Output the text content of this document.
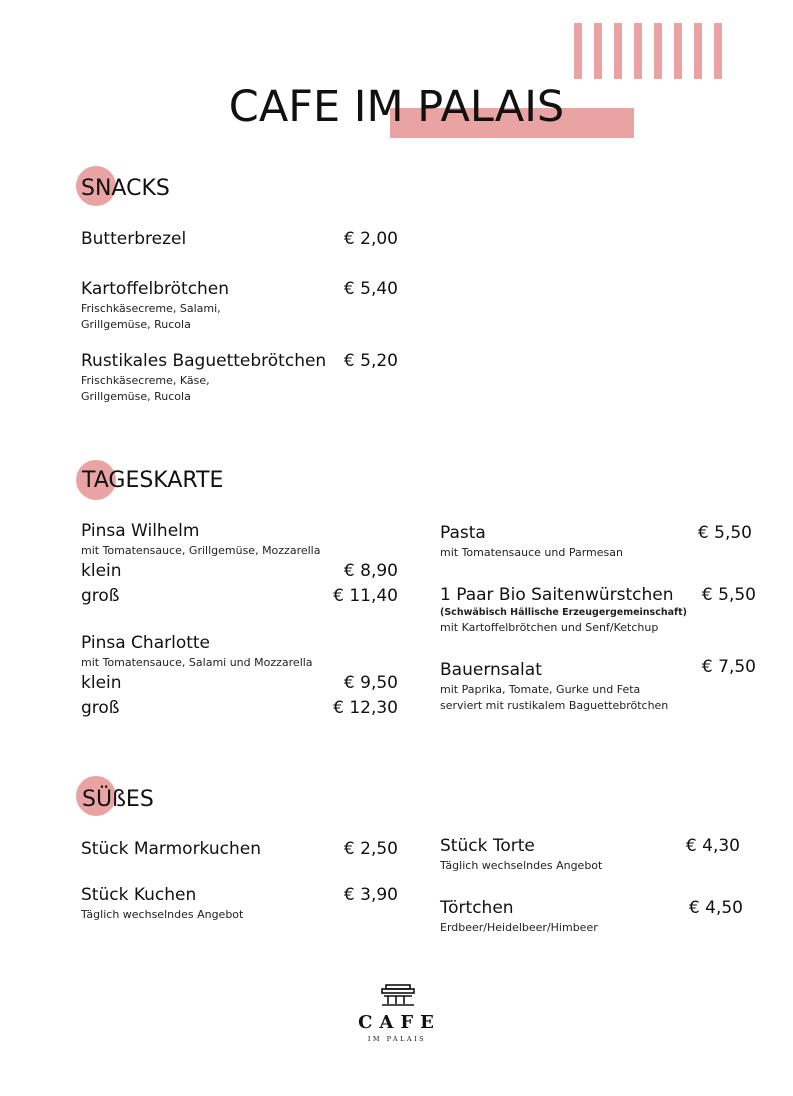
CAFE IM PALAIS
SNACKS
Butterbrezel	€ 2,00
Kartoffelbrötchen	€ 5,40
Frischkäsecreme, Salami,
Grillgemüse, Rucola
Rustikales Baguettebrötchen	€ 5,20
Frischkäsecreme, Käse,
Grillgemüse, Rucola
TAGESKARTE
Pinsa Wilhelm
mit Tomatensauce, Grillgemüse, Mozzarella
klein	€ 8,90
groß	€ 11,40
Pinsa Charlotte
mit Tomatensauce, Salami und Mozzarella
klein	€ 9,50
groß	€ 12,30
Pasta	€ 5,50
mit Tomatensauce und Parmesan
1 Paar Bio Saitenwürstchen	€ 5,50
(Schwäbisch Hällische Erzeugergemeinschaft)
mit Kartoffelbrötchen und Senf/Ketchup
Bauernsalat	€ 7,50
mit Paprika, Tomate, Gurke und Feta
serviert mit rustikalem Baguettebrötchen
SÜßES
Stück Marmorkuchen	€ 2,50
Stück Kuchen	€ 3,90
Täglich wechselndes Angebot
Stück Torte	€ 4,30
Täglich wechselndes Angebot
Törtchen	€ 4,50
Erdbeer/Heidelbeer/Himbeer
CAFE
IM PALAIS
